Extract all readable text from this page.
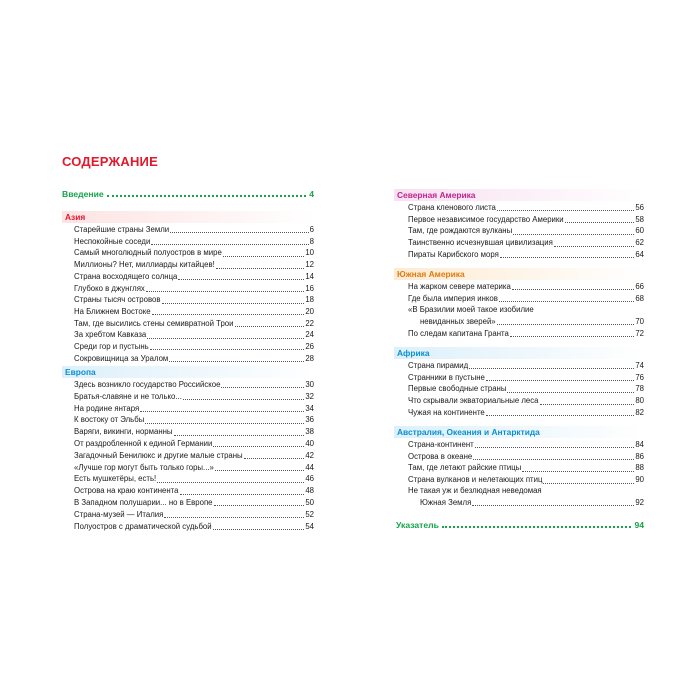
СОДЕРЖАНИЕ
Введение	4
Азия
Старейшие страны Земли	6
Неспокойные соседи	8
Самый многолюдный полуостров в мире	10
Миллионы? Нет, миллиарды китайцев!	12
Страна восходящего солнца	14
Глубоко в джунглях	16
Страны тысяч островов	18
На Ближнем Востоке	20
Там, где высились стены семивратной Трои	22
За хребтом Кавказа	24
Среди гор и пустынь	26
Сокровищница за Уралом	28
Европа
Здесь возникло государство Российское	30
Братья-славяне и не только...	32
На родине янтаря	34
К востоку от Эльбы	36
Варяги, викинги, норманны	38
От раздробленной к единой Германии	40
Загадочный Бенилюкс и другие малые страны	42
«Лучше гор могут быть только горы...»	44
Есть мушкетёры, есть!	46
Острова на краю континента	48
В Западном полушарии... но в Европе	50
Страна-музей — Италия	52
Полуостров с драматической судьбой	54
Северная Америка
Страна кленового листа	56
Первое независимое государство Америки	58
Там, где рождаются вулканы	60
Таинственно исчезнувшая цивилизация	62
Пираты Карибского моря	64
Южная Америка
На жарком севере материка	66
Где была империя инков	68
«В Бразилии моей такое изобилие
невиданных зверей»	70
По следам капитана Гранта	72
Африка
Страна пирамид	74
Странники в пустыне	76
Первые свободные страны	78
Что скрывали экваториальные леса	80
Чужая на континенте	82
Австралия, Океания и Антарктида
Страна-континент	84
Острова в океане	86
Там, где летают райские птицы	88
Страна вулканов и нелетающих птиц	90
Не такая уж и безлюдная неведомая
Южная Земля	92
Указатель	94
